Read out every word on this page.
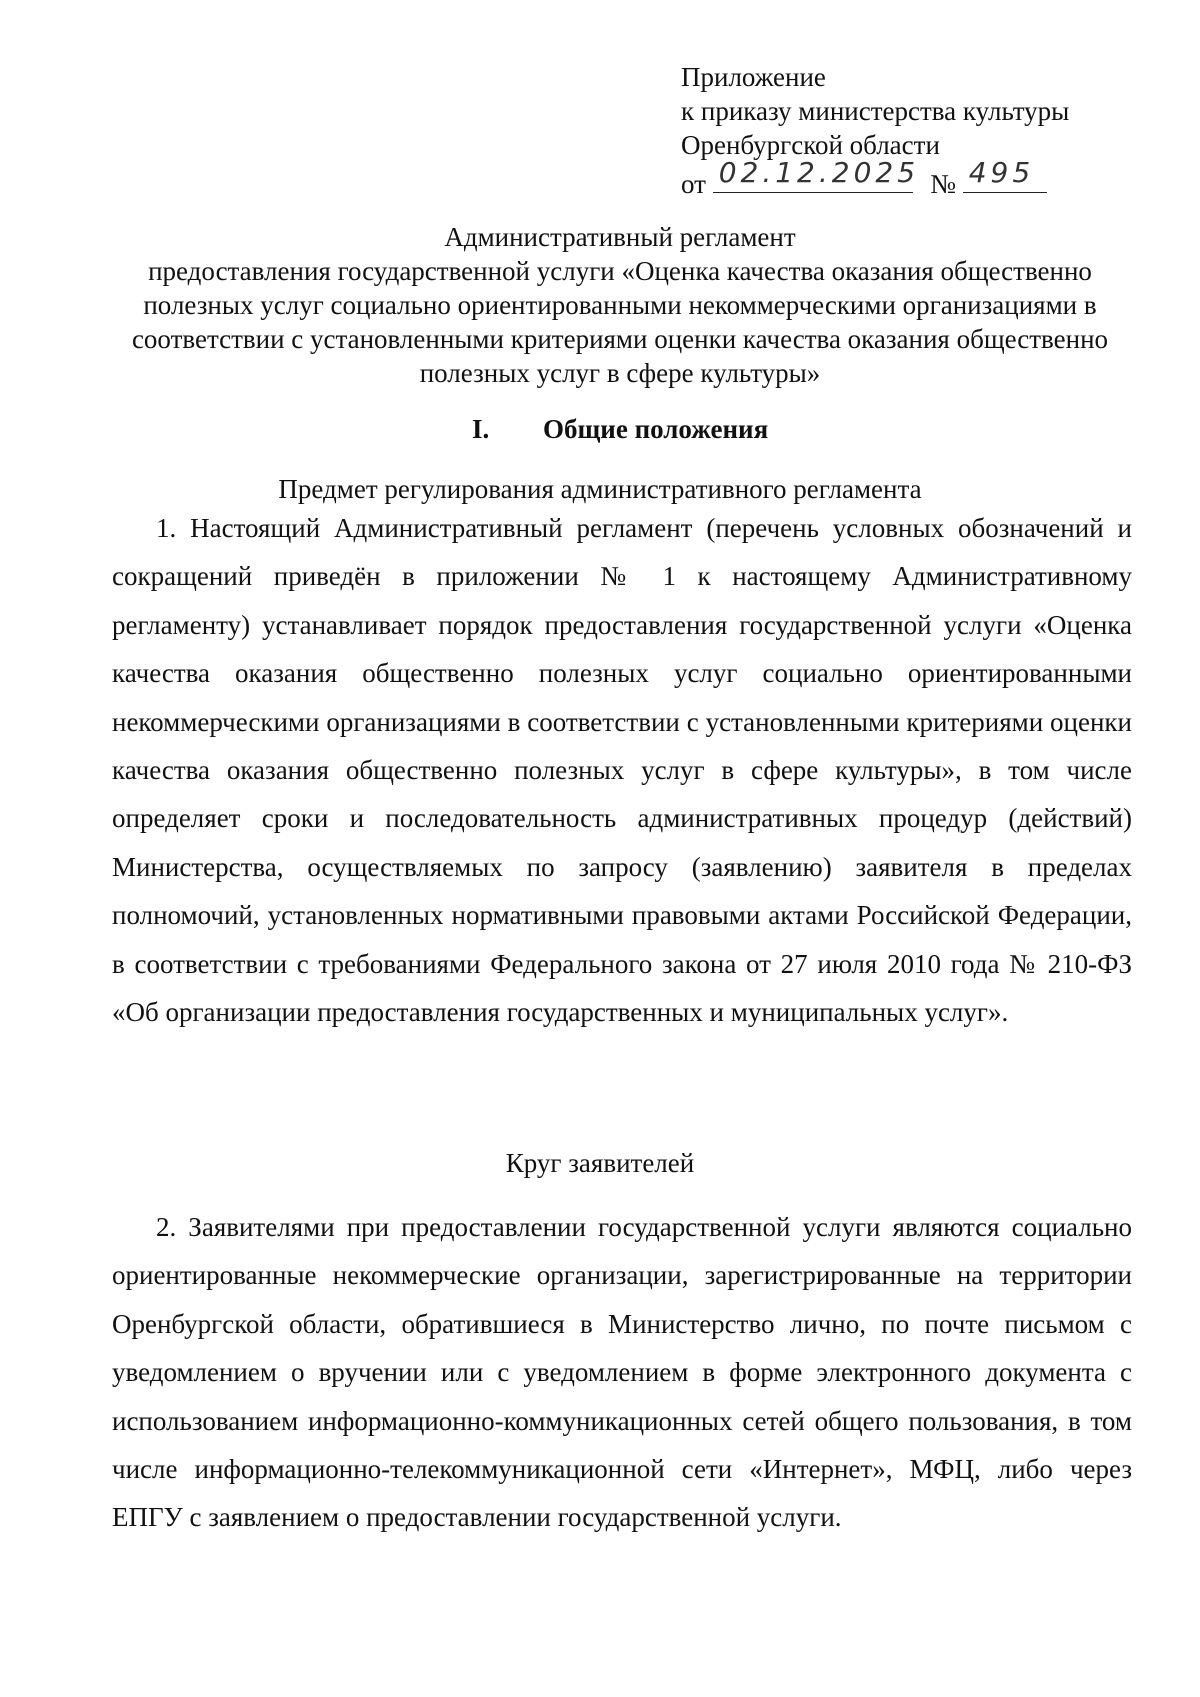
Приложение
к приказу министерства культуры
Оренбургской области
от 02.12.2025 № 495
Административный регламент
предоставления государственной услуги «Оценка качества оказания общественно
полезных услуг социально ориентированными некоммерческими организациями в
соответствии с установленными критериями оценки качества оказания общественно
полезных услуг в сфере культуры»
I. Общие положения
Предмет регулирования административного регламента

1. Настоящий Административный регламент (перечень условных обозначений и сокращений приведён в приложении № 1 к настоящему Административному регламенту) устанавливает порядок предоставления государственной услуги «Оценка качества оказания общественно полезных услуг социально ориентированными некоммерческими организациями в соответствии с установленными критериями оценки качества оказания общественно полезных услуг в сфере культуры», в том числе определяет сроки и последовательность административных процедур (действий) Министерства, осуществляемых по запросу (заявлению) заявителя в пределах полномочий, установленных нормативными правовыми актами Российской Федерации, в соответствии с требованиями Федерального закона от 27 июля 2010 года № 210-ФЗ «Об организации предоставления государственных и муниципальных услуг».

Круг заявителей

2. Заявителями при предоставлении государственной услуги являются социально ориентированные некоммерческие организации, зарегистрированные на территории Оренбургской области, обратившиеся в Министерство лично, по почте письмом с уведомлением о вручении или с уведомлением в форме электронного документа с использованием информационно-коммуникационных сетей общего пользования, в том числе информационно-телекоммуникационной сети «Интернет», МФЦ, либо через ЕПГУ с заявлением о предоставлении государственной услуги.
